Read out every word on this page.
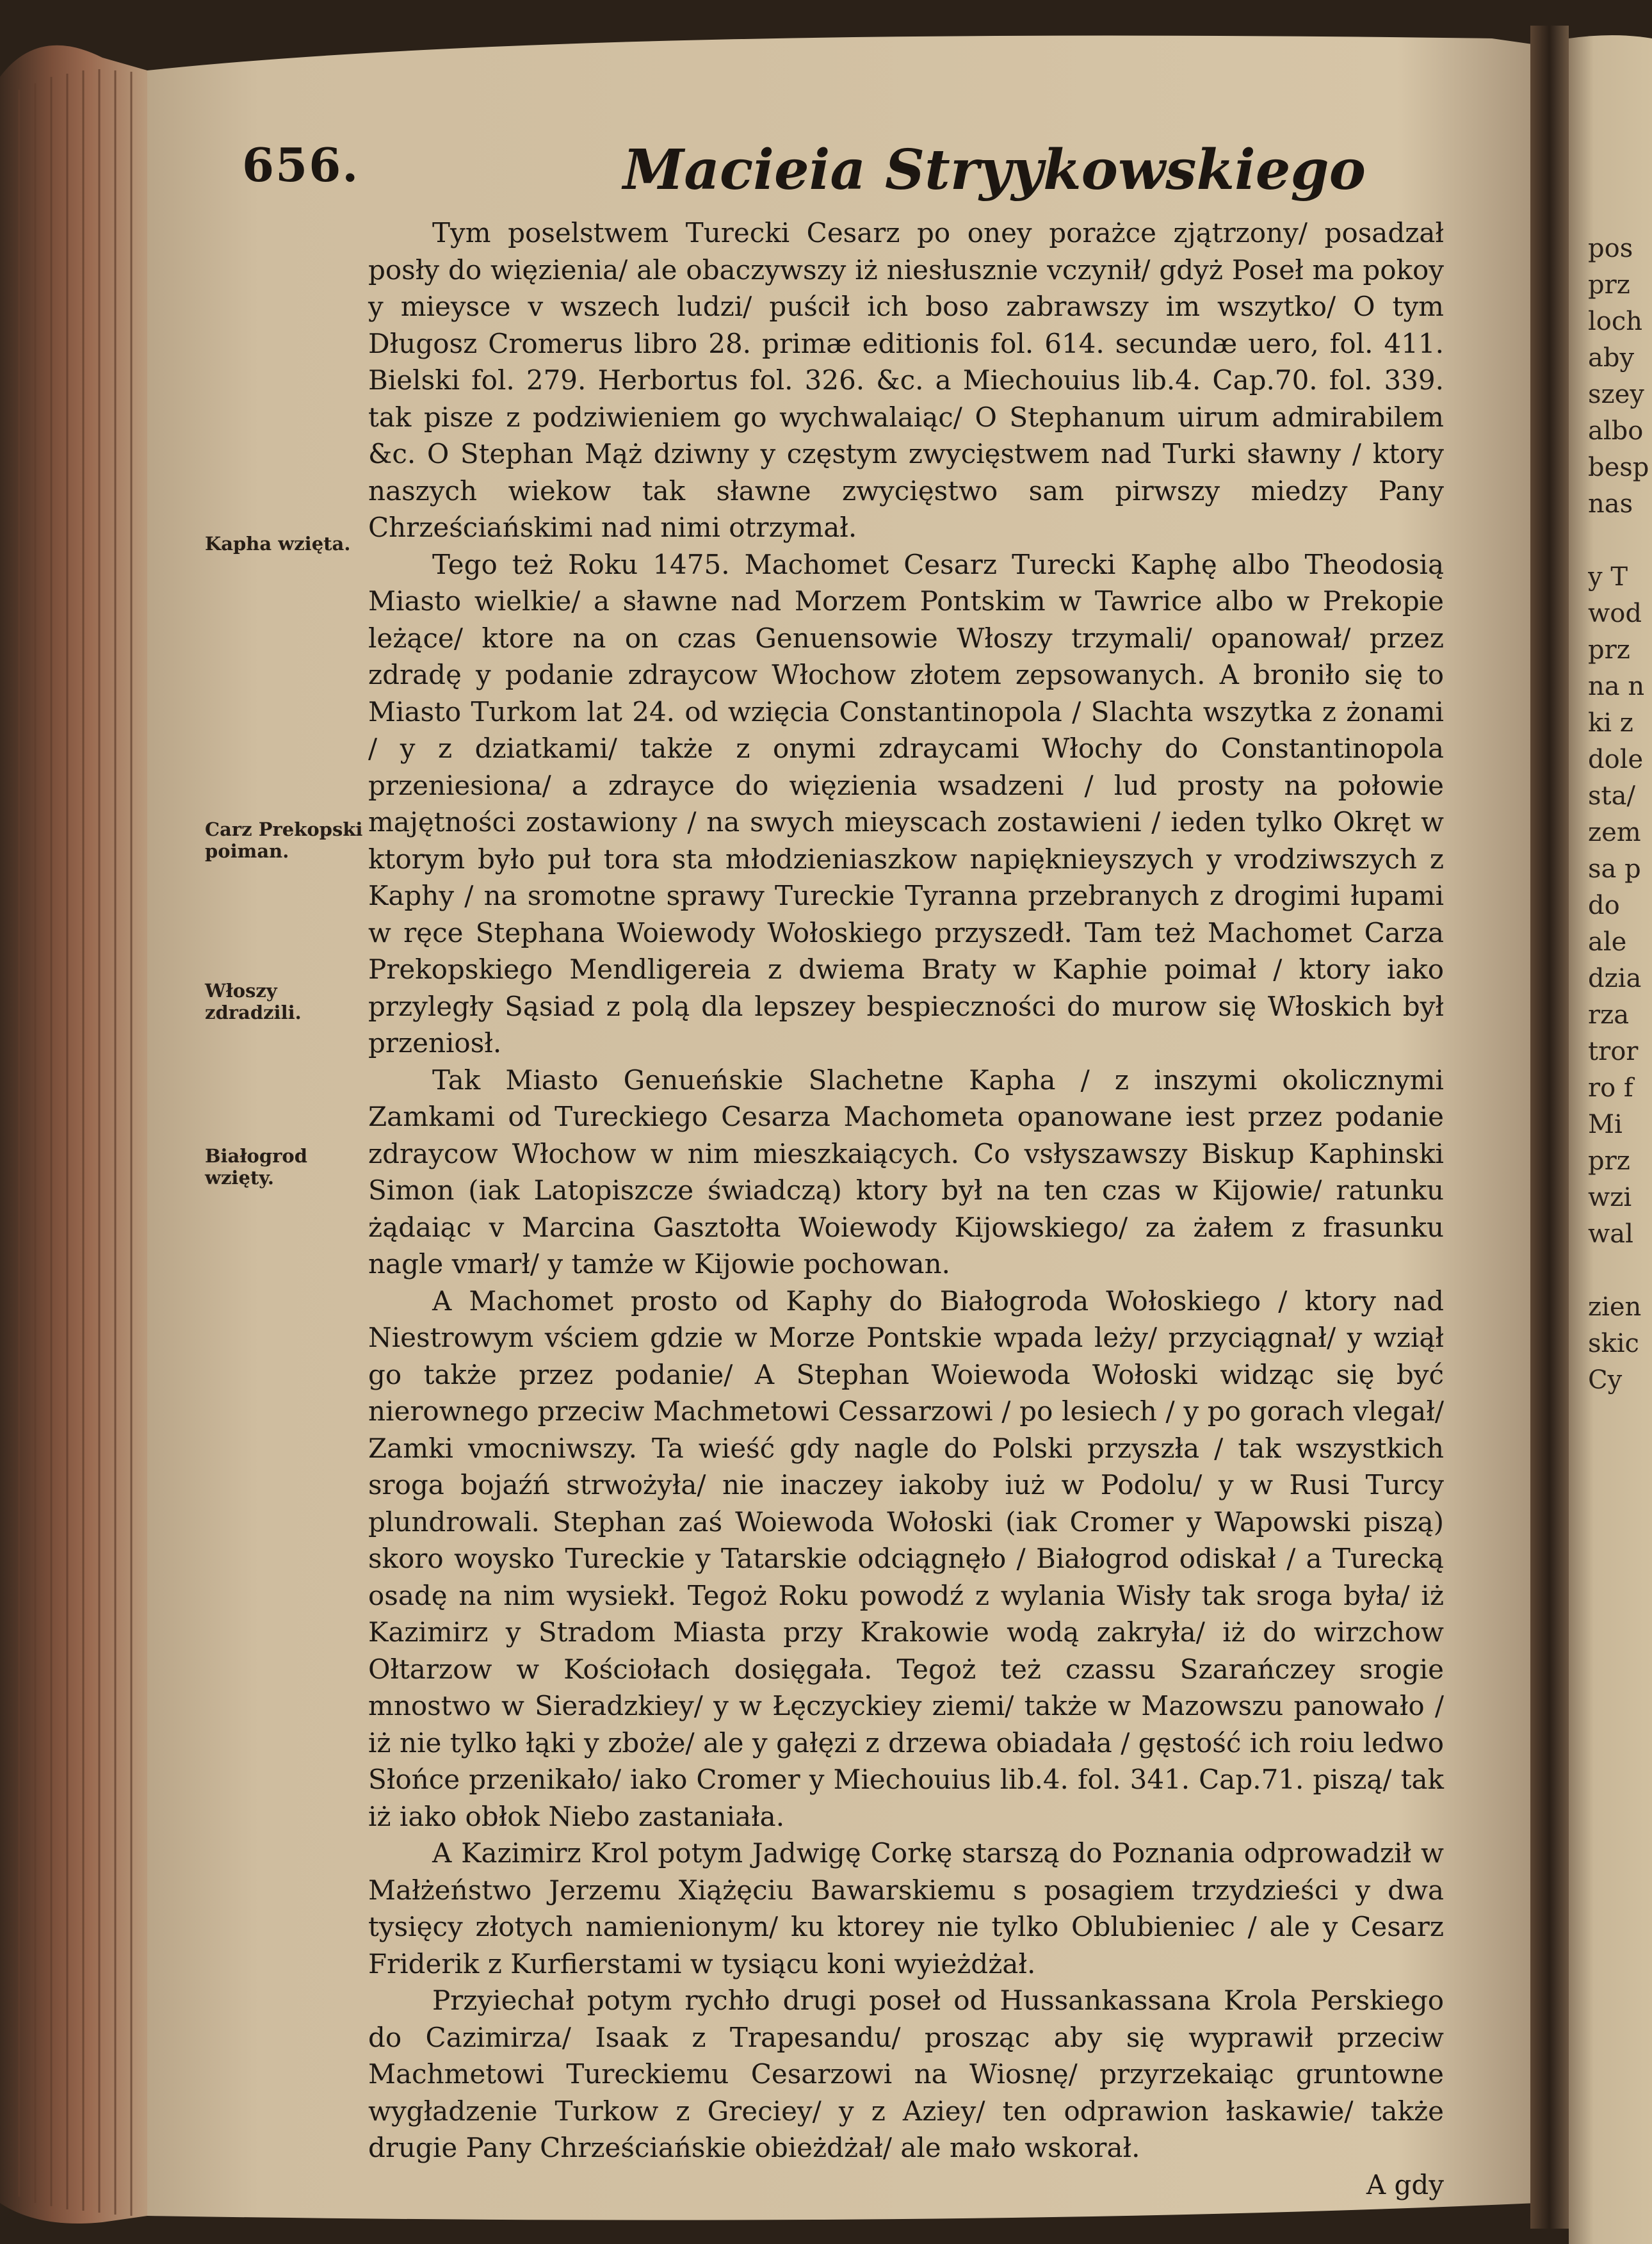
656.	Macieia Stryykowskiego

Tym poselstwem Turecki Cesarz po oney porażce zjątrzony/ posadzał posły do więzienia/ ale obaczywszy iż niesłusznie vczynił/ gdyż Poseł ma pokoy y mieysce v wszech ludzi/ puścił ich boso zabrawszy im wszytko/ O tym Długosz Cromerus libro 28. primæ editionis fol. 614. secundæ uero, fol. 411. Bielski fol. 279. Herbortus fol. 326. &c. a Miechouius lib.4. Cap.70. fol. 339. tak pisze z podziwieniem go wychwalaiąc/ O Stephanum uirum admirabilem &c. O Stephan Mąż dziwny y częstym zwycięstwem nad Turki sławny / ktory naszych wiekow tak sławne zwycięstwo sam pirwszy miedzy Pany Chrześciańskimi nad nimi otrzymał.

Tego też Roku 1475. Machomet Cesarz Turecki Kaphę albo Theodosią Miasto wielkie/ a sławne nad Morzem Pontskim w Tawrice albo w Prekopie leżące/ ktore na on czas Genuensowie Włoszy trzymali/ opanował/ przez zdradę y podanie zdraycow Włochow złotem zepsowanych. A broniło się to Miasto Turkom lat 24. od wzięcia Constantinopola / Slachta wszytka z żonami / y z dziatkami/ także z onymi zdraycami Włochy do Constantinopola przeniesiona/ a zdrayce do więzienia wsadzeni / lud prosty na połowie majętności zostawiony / na swych mieyscach zostawieni / ieden tylko Okręt w ktorym było puł tora sta młodzieniaszkow napięknieyszych y vrodziwszych z Kaphy / na sromotne sprawy Tureckie Tyranna przebranych z drogimi łupami w ręce Stephana Woiewody Wołoskiego przyszedł. Tam też Machomet Carza Prekopskiego Mendligereia z dwiema Braty w Kaphie poimał / ktory iako przyległy Sąsiad z polą dla lepszey bespieczności do murow się Włoskich był przeniosł.

Tak Miasto Genueńskie Slachetne Kapha / z inszymi okolicznymi Zamkami od Tureckiego Cesarza Machometa opanowane iest przez podanie zdraycow Włochow w nim mieszkaiących. Co vsłyszawszy Biskup Kaphinski Simon (iak Latopiszcze świadczą) ktory był na ten czas w Kijowie/ ratunku żądaiąc v Marcina Gasztołta Woiewody Kijowskiego/ za żałem z frasunku nagle vmarł/ y tamże w Kijowie pochowan.

A Machomet prosto od Kaphy do Białogroda Wołoskiego / ktory nad Niestrowym vściem gdzie w Morze Pontskie wpada leży/ przyciągnał/ y wziął go także przez podanie/ A Stephan Woiewoda Wołoski widząc się być nierownego przeciw Machmetowi Cessarzowi / po lesiech / y po gorach vlegał/ Zamki vmocniwszy. Ta wieść gdy nagle do Polski przyszła / tak wszystkich sroga bojaźń strwożyła/ nie inaczey iakoby iuż w Podolu/ y w Rusi Turcy plundrowali. Stephan zaś Woiewoda Wołoski (iak Cromer y Wapowski piszą) skoro woysko Tureckie y Tatarskie odciągnęło / Białogrod odiskał / a Turecką osadę na nim wysiekł. Tegoż Roku powodź z wylania Wisły tak sroga była/ iż Kazimirz y Stradom Miasta przy Krakowie wodą zakryła/ iż do wirzchow Ołtarzow w Kościołach dosięgała. Tegoż też czassu Szarańczey srogie mnostwo w Sieradzkiey/ y w Łęczyckiey ziemi/ także w Mazowszu panowało / iż nie tylko łąki y zboże/ ale y gałęzi z drzewa obiadała / gęstość ich roiu ledwo Słońce przenikało/ iako Cromer y Miechouius lib.4. fol. 341. Cap.71. piszą/ tak iż iako obłok Niebo zastaniała.

A Kazimirz Krol potym Jadwigę Corkę starszą do Poznania odprowadził w Małżeństwo Jerzemu Xiążęciu Bawarskiemu s posagiem trzydzieści y dwa tysięcy złotych namienionym/ ku ktorey nie tylko Oblubieniec / ale y Cesarz Friderik z Kurfierstami w tysiącu koni wyieżdżał.

Przyiechał potym rychło drugi poseł od Hussankassana Krola Perskiego do Cazimirza/ Isaak z Trapesandu/ prosząc aby się wyprawił przeciw Machmetowi Tureckiemu Cesarzowi na Wiosnę/ przyrzekaiąc gruntowne wygładzenie Turkow z Greciey/ y z Aziey/ ten odprawion łaskawie/ także drugie Pany Chrześciańskie obieżdżał/ ale mało wskorał.

A gdy

Kapha wzięta.
Carz Prekopski poiman.
Włoszy zdradzili.
Białogrod wzięty.
pos
prz
loch
aby
szey
albo
besp
nas
y T
wod
prz
na n
ki z
dole
sta/
zem
sa p
do
ale
dzia
rza
tror
ro f
Mi
prz
wzi
wal
zien
skic
Cy
